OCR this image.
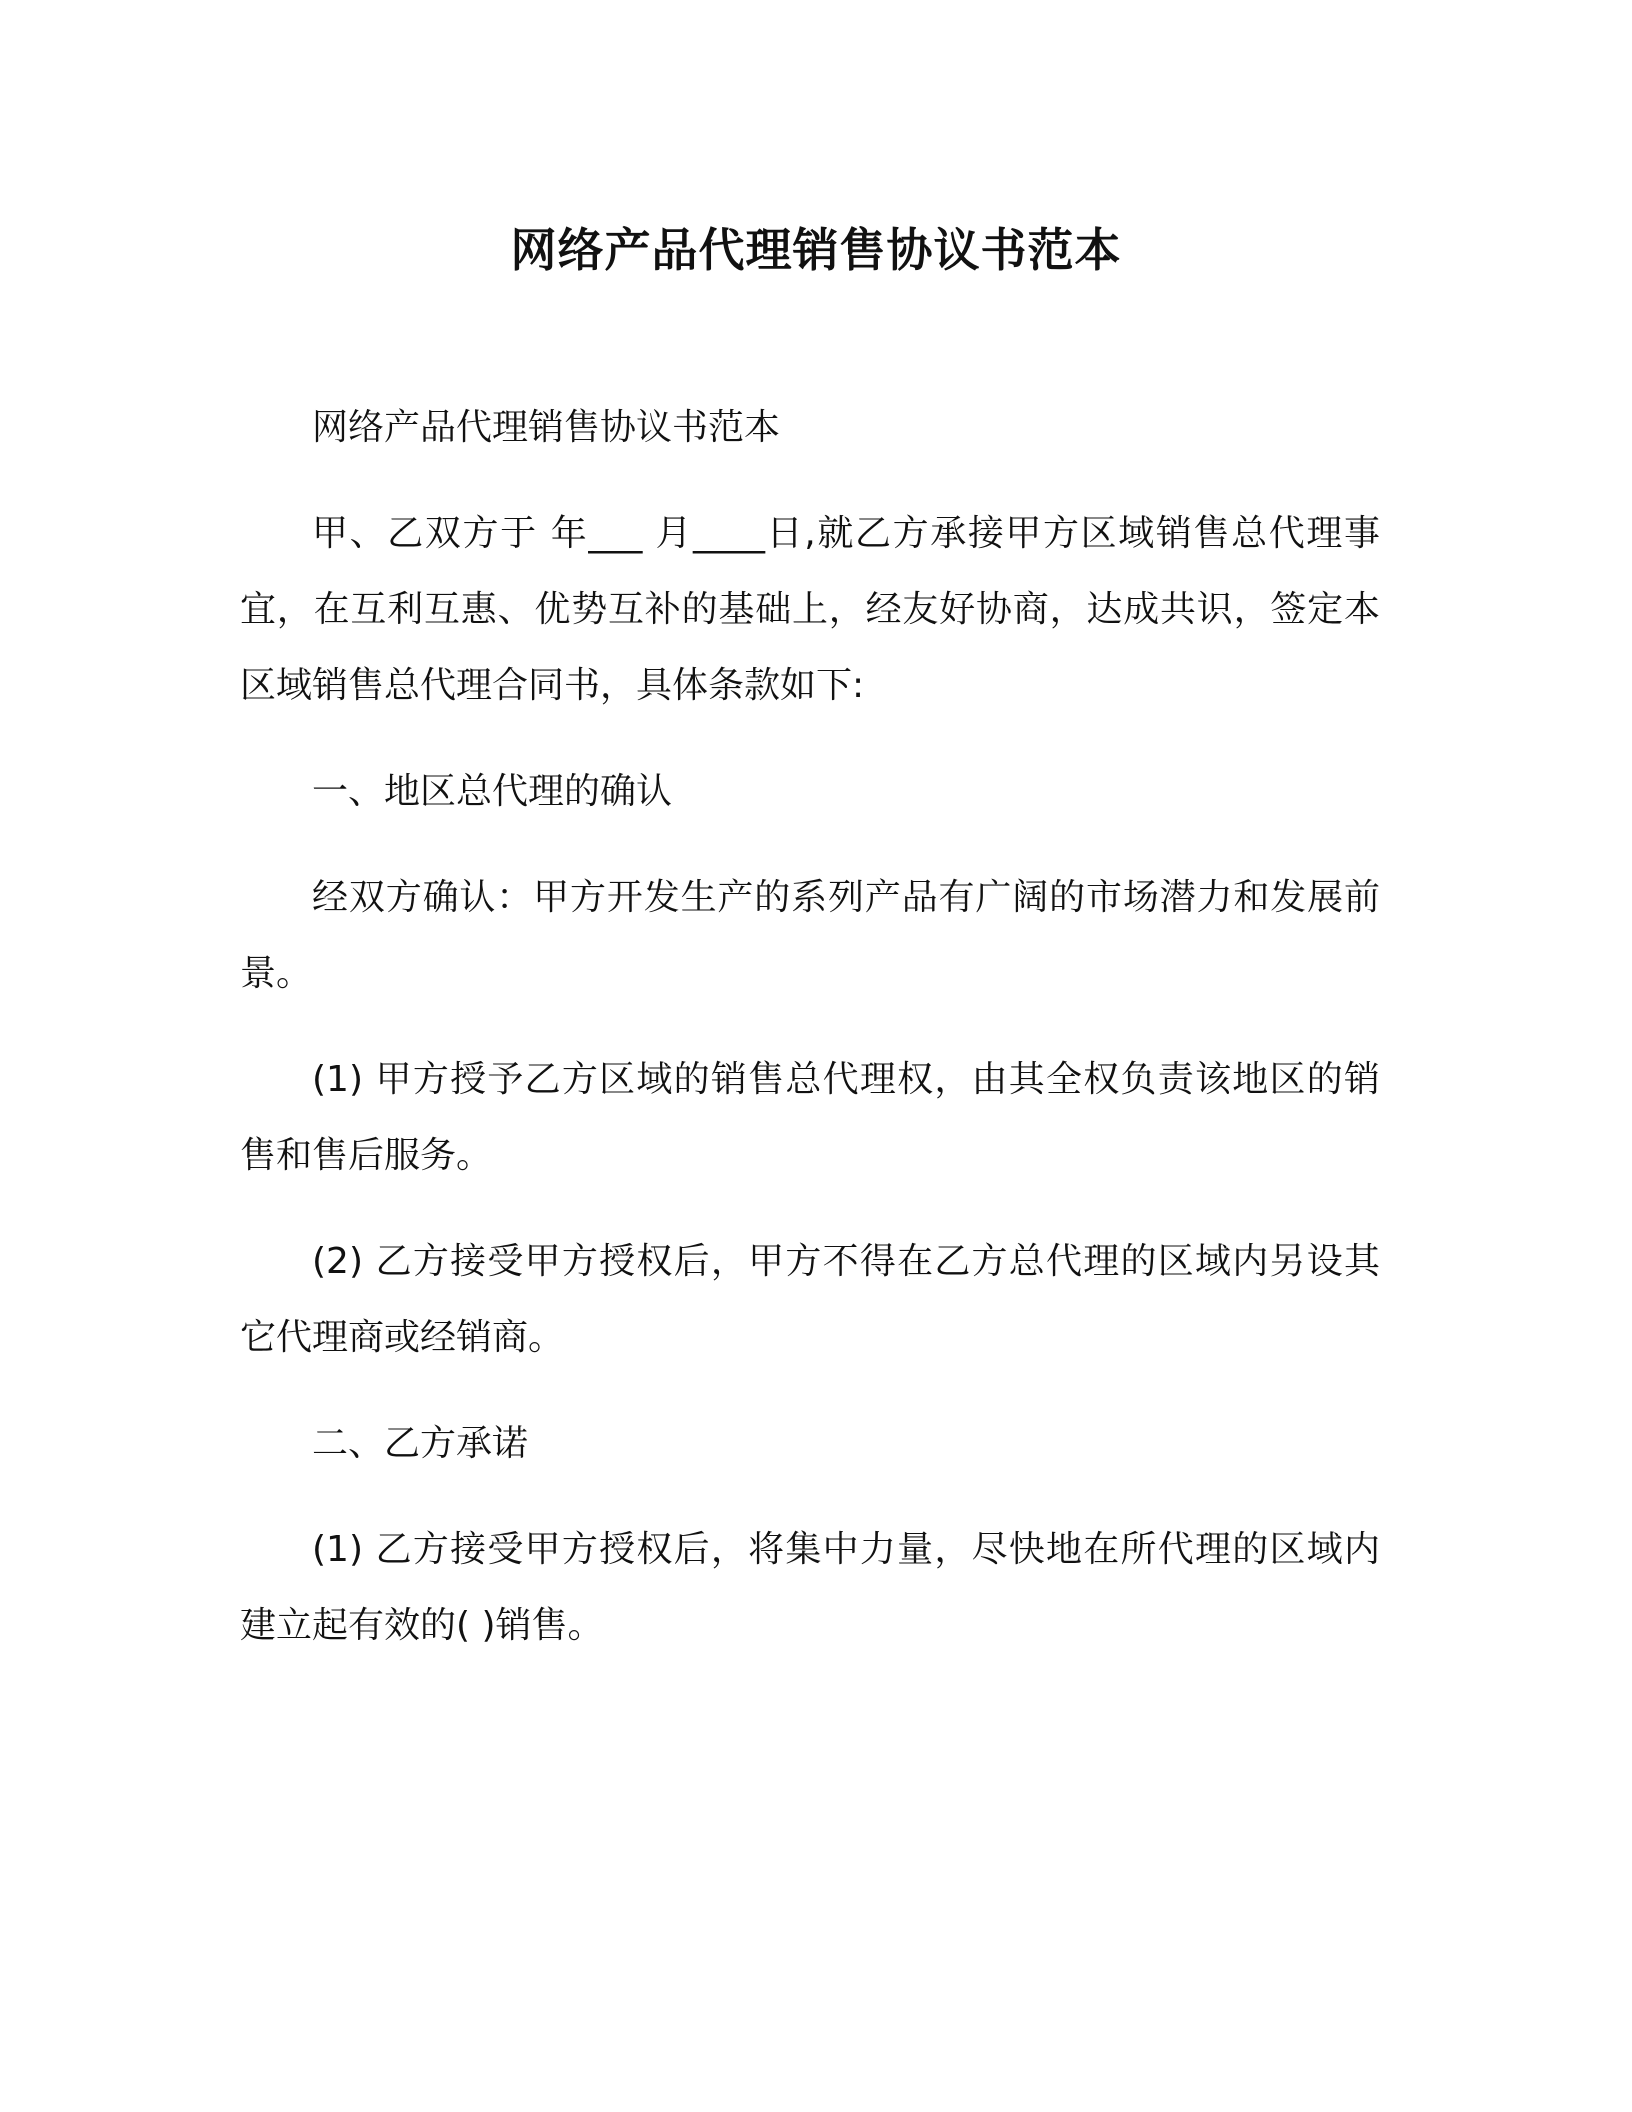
网络产品代理销售协议书范本

网络产品代理销售协议书范本

甲、乙双方于 年___ 月____日,就乙方承接甲方区域销售总代理事宜，在互利互惠、优势互补的基础上，经友好协商，达成共识，签定本区域销售总代理合同书，具体条款如下:

一、地区总代理的确认

经双方确认：甲方开发生产的系列产品有广阔的市场潜力和发展前景。

(1) 甲方授予乙方区域的销售总代理权，由其全权负责该地区的销售和售后服务。

(2) 乙方接受甲方授权后，甲方不得在乙方总代理的区域内另设其它代理商或经销商。

二、乙方承诺

(1) 乙方接受甲方授权后，将集中力量，尽快地在所代理的区域内建立起有效的( )销售。
